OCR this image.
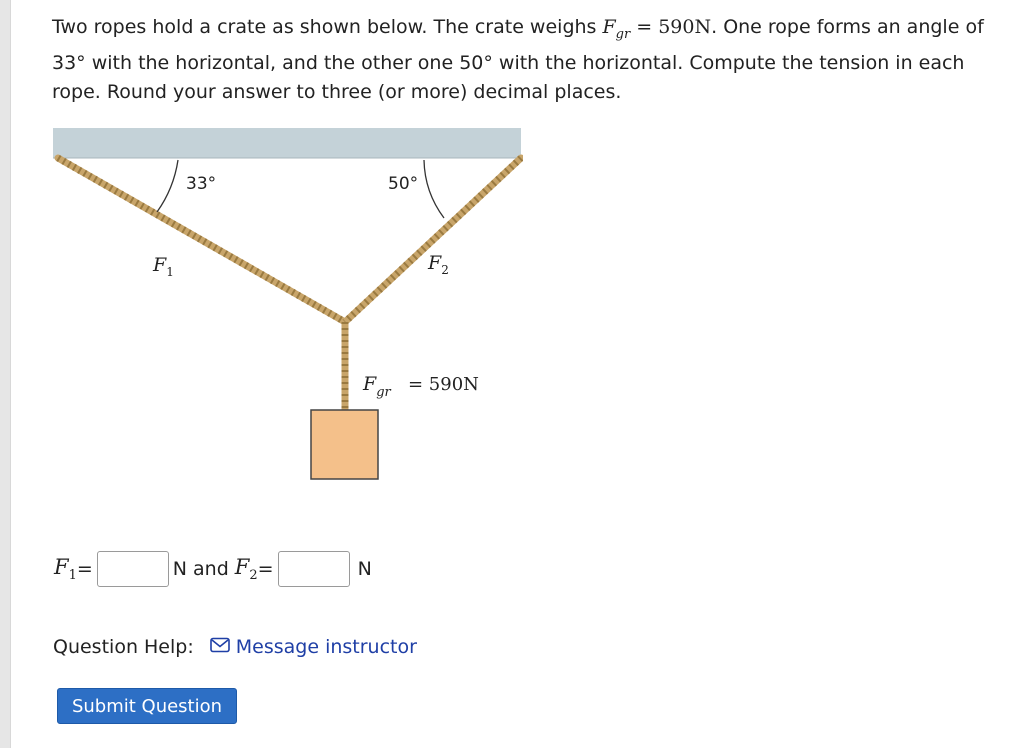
Two ropes hold a crate as shown below. The crate weighs $F_{gr} = 590N$. One rope forms an angle of 33° with the horizontal, and the other one 50° with the horizontal. Compute the tension in each rope. Round your answer to three (or more) decimal places.
33°	50°
$F_1$	$F_2$
$F_{gr} = 590N$
$F_1$ =	N and $F_2$ =	N
Question Help: Message instructor
Submit Question
